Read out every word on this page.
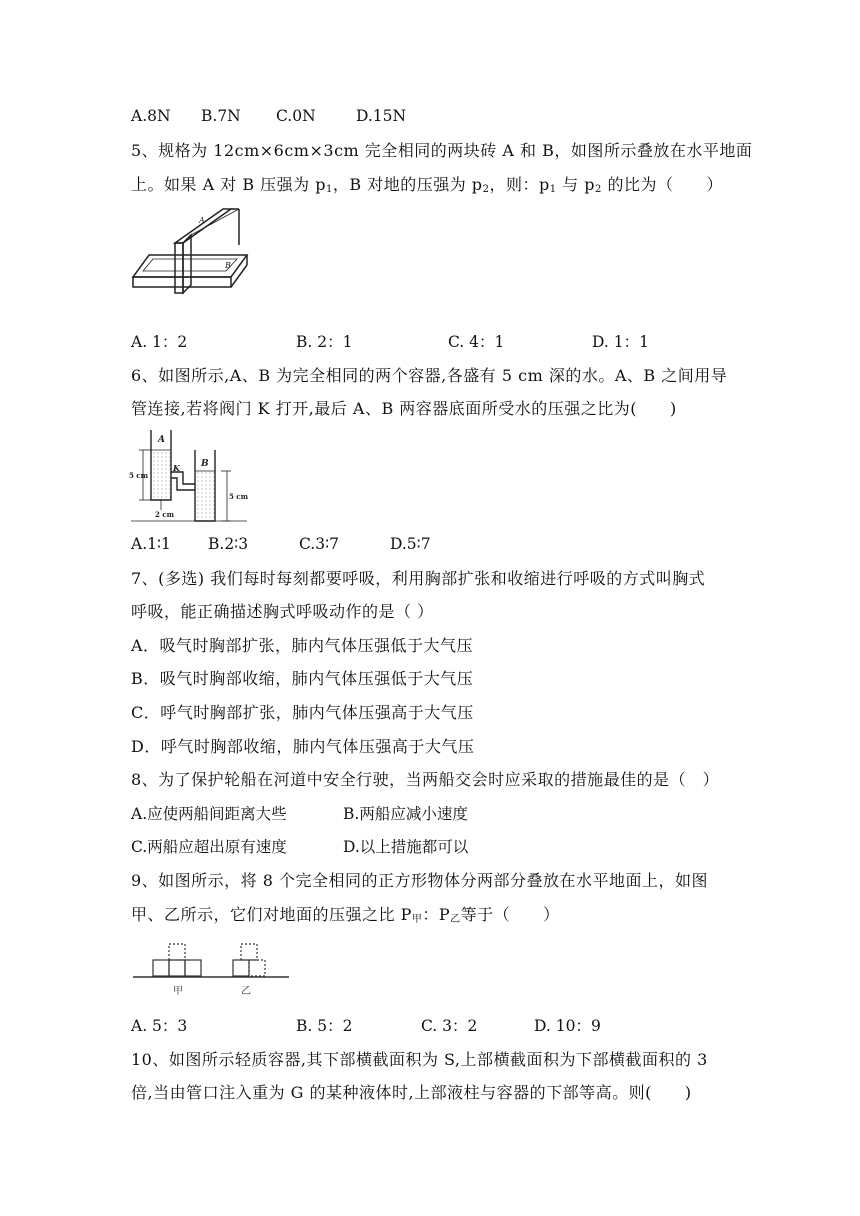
A.8N B.7N C.0N	D.15N
5、规格为 12cm×6cm×3cm 完全相同的两块砖 A 和 B，如图所示叠放在水平地面
上。如果 A 对 B 压强为 $p_1$，B 对地的压强为 $p_2$，则：$p_1$ 与 $p_2$ 的比为（　　）
A
B
A. 1：2	B. 2：1	C. 4：1	D. 1：1
6、如图所示,A、B 为完全相同的两个容器,各盛有 5 cm 深的水。A、B 之间用导
管连接,若将阀门 K 打开,最后 A、B 两容器底面所受水的压强之比为(　　)
A
B
K
5 cm
5 cm
2 cm
A.1∶1 B.2∶3	C.3∶7	D.5∶7
7、(多选) 我们每时每刻都要呼吸，利用胸部扩张和收缩进行呼吸的方式叫胸式
呼吸，能正确描述胸式呼吸动作的是（ ）
A．吸气时胸部扩张，肺内气体压强低于大气压
B．吸气时胸部收缩，肺内气体压强低于大气压
C．呼气时胸部扩张，肺内气体压强高于大气压
D．呼气时胸部收缩，肺内气体压强高于大气压
8、为了保护轮船在河道中安全行驶，当两船交会时应采取的措施最佳的是（　）
A.应使两船间距离大些	B.两船应减小速度
C.两船应超出原有速度	D.以上措施都可以
9、如图所示，将 8 个完全相同的正方形物体分两部分叠放在水平地面上，如图
甲、乙所示，它们对地面的压强之比 $P_甲$：$P_乙$等于（　　）
甲	乙
A. 5：3	B. 5：2	C. 3：2	D. 10：9
10、如图所示轻质容器,其下部横截面积为 S,上部横截面积为下部横截面积的 3
倍,当由管口注入重为 G 的某种液体时,上部液柱与容器的下部等高。则(　　)
